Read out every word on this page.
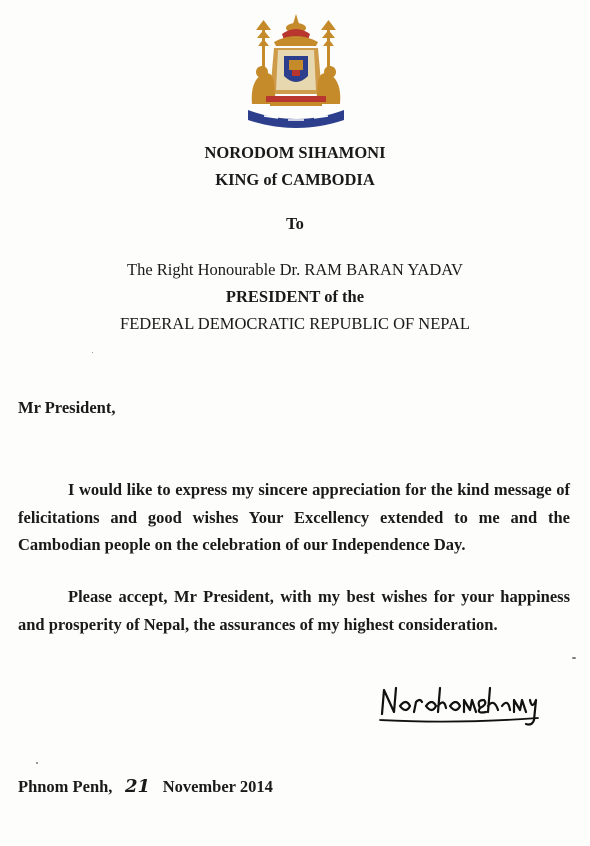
NORODOM SIHAMONI
KING of CAMBODIA
To
The Right Honourable Dr. RAM BARAN YADAV
PRESIDENT of the
FEDERAL DEMOCRATIC REPUBLIC OF NEPAL
Mr President,

I would like to express my sincere appreciation for the kind message of felicitations and good wishes Your Excellency extended to me and the Cambodian people on the celebration of our Independence Day.

Please accept, Mr President, with my best wishes for your happiness and prosperity of Nepal, the assurances of my highest consideration.

Phnom Penh, 21 November 2014
